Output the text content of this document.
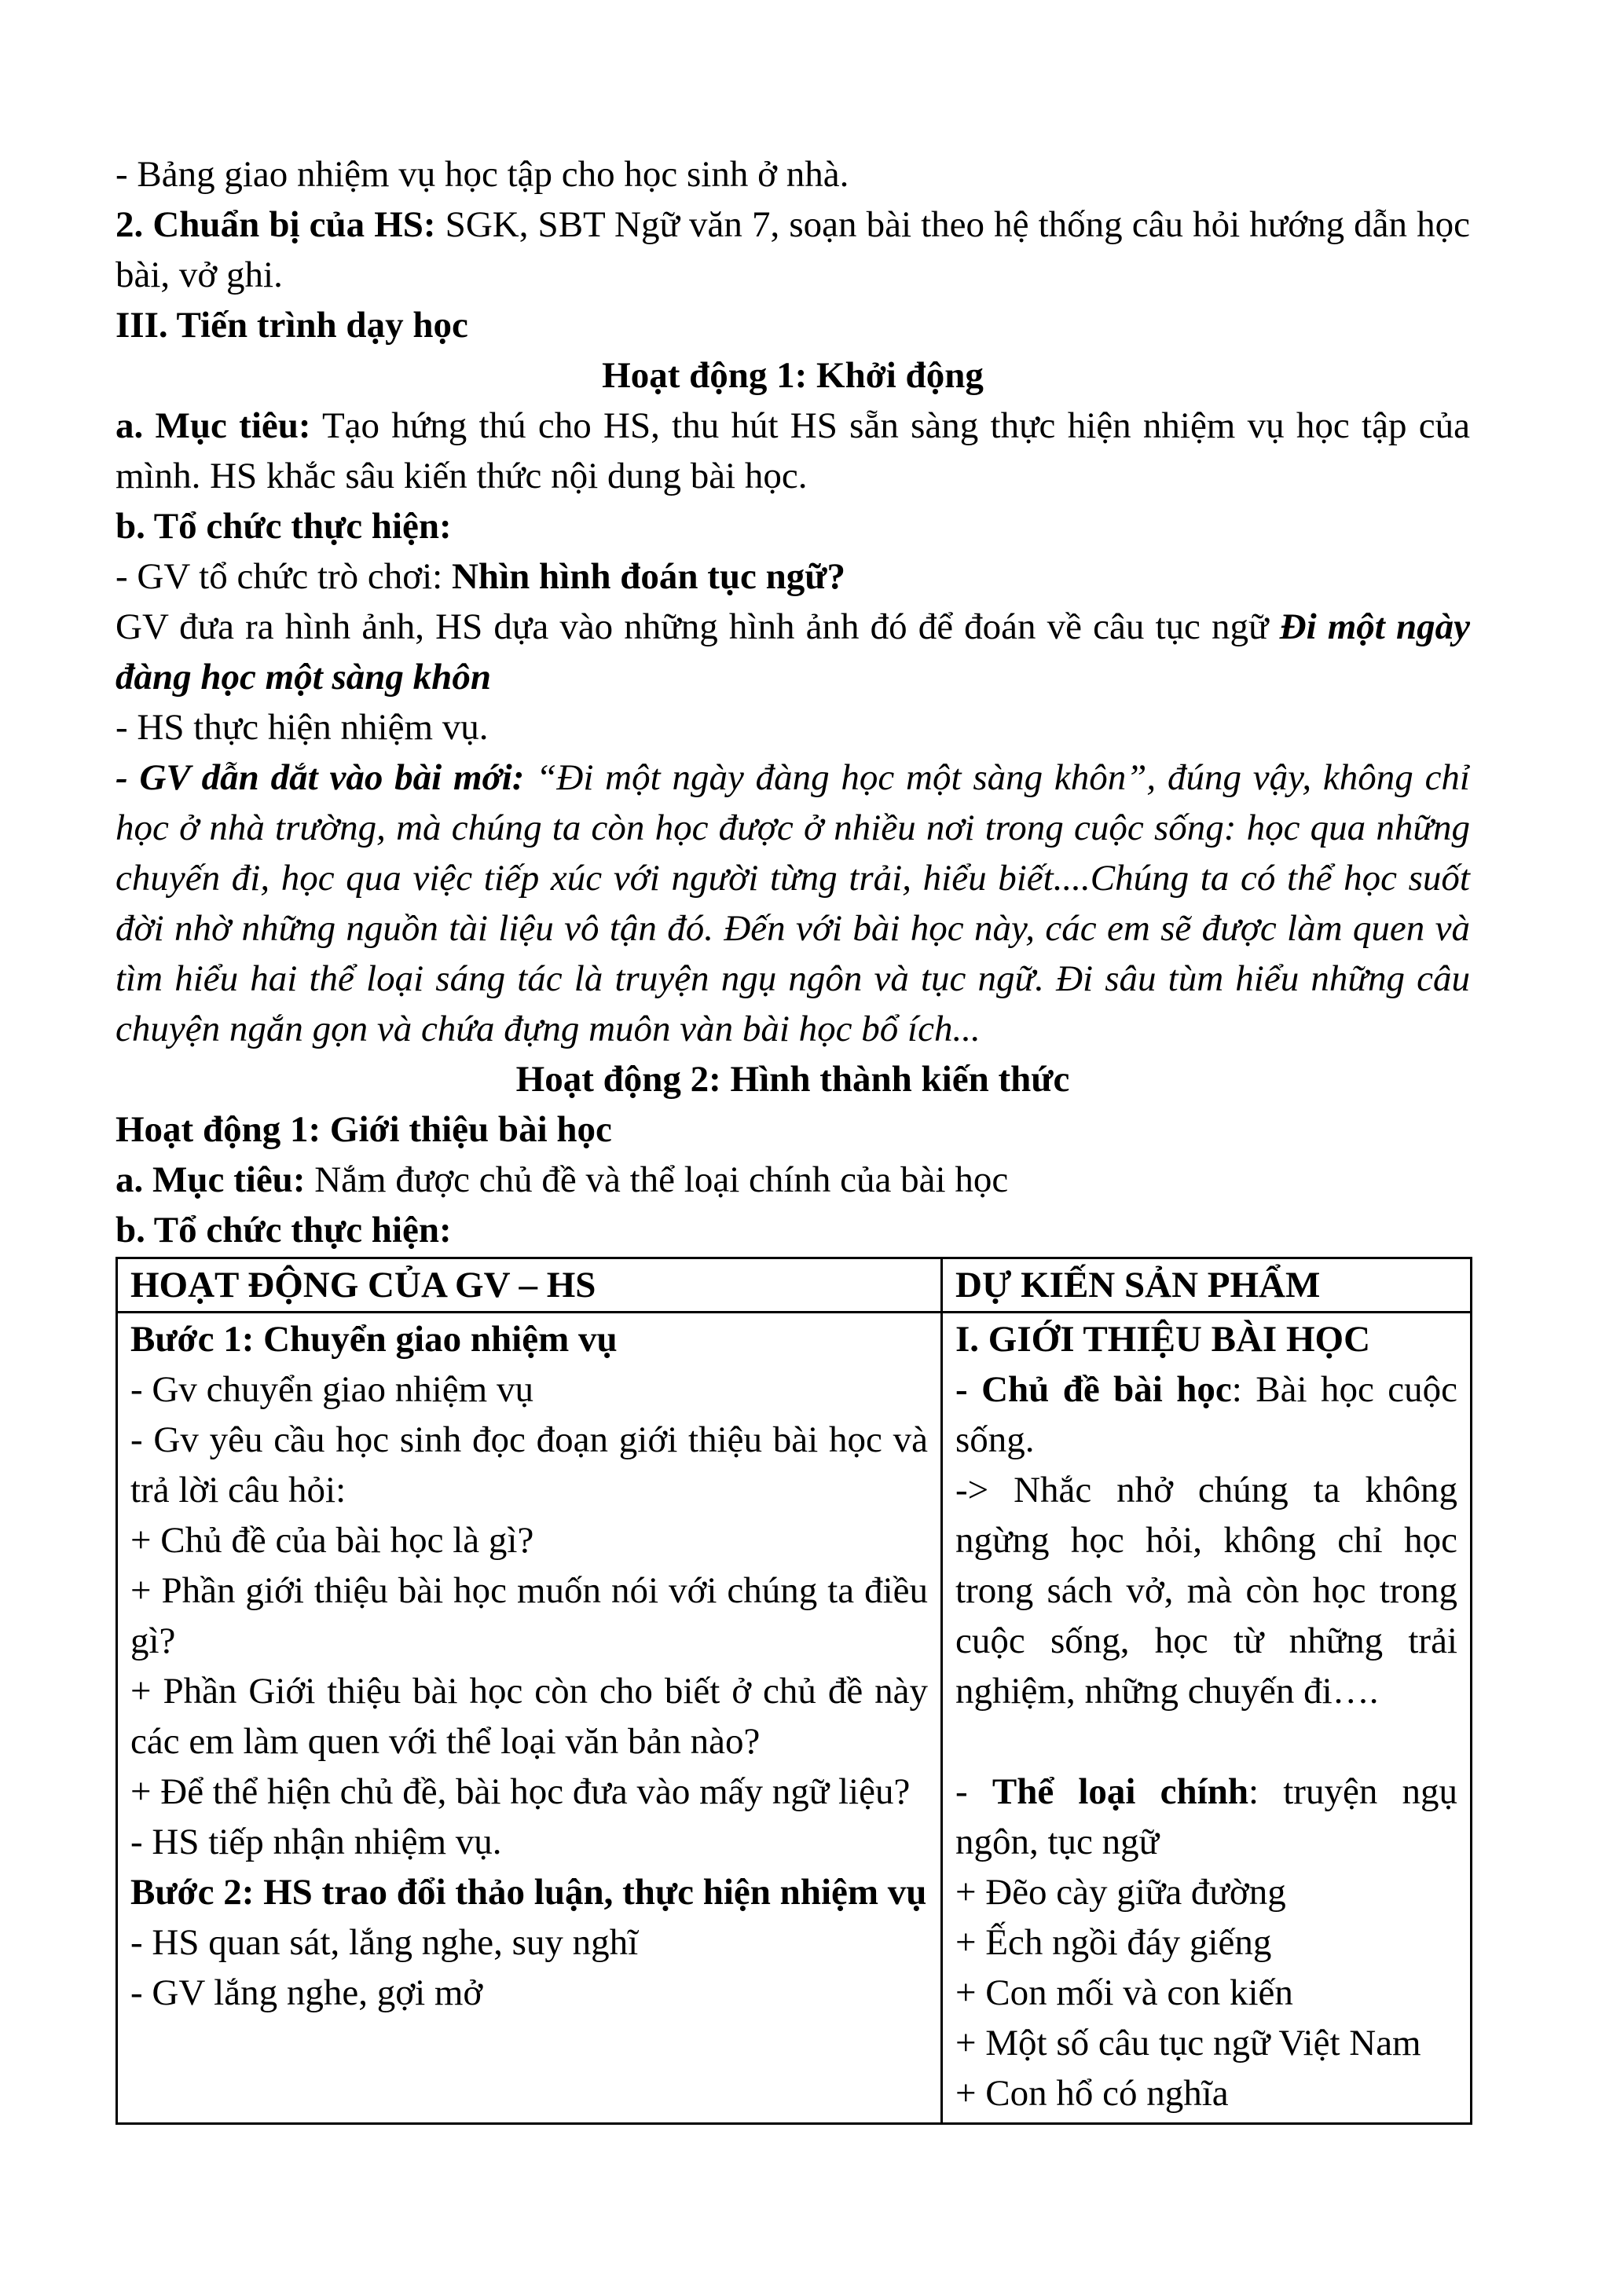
- Bảng giao nhiệm vụ học tập cho học sinh ở nhà.
2. Chuẩn bị của HS: SGK, SBT Ngữ văn 7, soạn bài theo hệ thống câu hỏi hướng dẫn học bài, vở ghi.
III. Tiến trình dạy học
Hoạt động 1: Khởi động
a. Mục tiêu: Tạo hứng thú cho HS, thu hút HS sẵn sàng thực hiện nhiệm vụ học tập của mình. HS khắc sâu kiến thức nội dung bài học.
b. Tổ chức thực hiện:
- GV tổ chức trò chơi: Nhìn hình đoán tục ngữ?
GV đưa ra hình ảnh, HS dựa vào những hình ảnh đó để đoán về câu tục ngữ Đi một ngày đàng học một sàng khôn
- HS thực hiện nhiệm vụ.
- GV dẫn dắt vào bài mới: “Đi một ngày đàng học một sàng khôn”, đúng vậy, không chỉ học ở nhà trường, mà chúng ta còn học được ở nhiều nơi trong cuộc sống: học qua những chuyến đi, học qua việc tiếp xúc với người từng trải, hiểu biết....Chúng ta có thể học suốt đời nhờ những nguồn tài liệu vô tận đó. Đến với bài học này, các em sẽ được làm quen và tìm hiểu hai thể loại sáng tác là truyện ngụ ngôn và tục ngữ. Đi sâu tùm hiểu những câu chuyện ngắn gọn và chứa đựng muôn vàn bài học bổ ích...
Hoạt động 2: Hình thành kiến thức
Hoạt động 1: Giới thiệu bài học
a. Mục tiêu: Nắm được chủ đề và thể loại chính của bài học
b. Tổ chức thực hiện:
HOẠT ĐỘNG CỦA GV – HS	DỰ KIẾN SẢN PHẨM

Bước 1: Chuyển giao nhiệm vụ
- Gv chuyển giao nhiệm vụ
- Gv yêu cầu học sinh đọc đoạn giới thiệu bài học và trả lời câu hỏi:
+ Chủ đề của bài học là gì?
+ Phần giới thiệu bài học muốn nói với chúng ta điều gì?
+ Phần Giới thiệu bài học còn cho biết ở chủ đề này các em làm quen với thể loại văn bản nào?
+ Để thể hiện chủ đề, bài học đưa vào mấy ngữ liệu?
- HS tiếp nhận nhiệm vụ.
Bước 2: HS trao đổi thảo luận, thực hiện nhiệm vụ
- HS quan sát, lắng nghe, suy nghĩ
- GV lắng nghe, gợi mở

I. GIỚI THIỆU BÀI HỌC
- Chủ đề bài học: Bài học cuộc sống.
-> Nhắc nhở chúng ta không ngừng học hỏi, không chỉ học trong sách vở, mà còn học trong cuộc sống, học từ những trải nghiệm, những chuyến đi….
- Thể loại chính: truyện ngụ ngôn, tục ngữ
+ Đẽo cày giữa đường
+ Ếch ngồi đáy giếng
+ Con mối và con kiến
+ Một số câu tục ngữ Việt Nam
+ Con hổ có nghĩa
